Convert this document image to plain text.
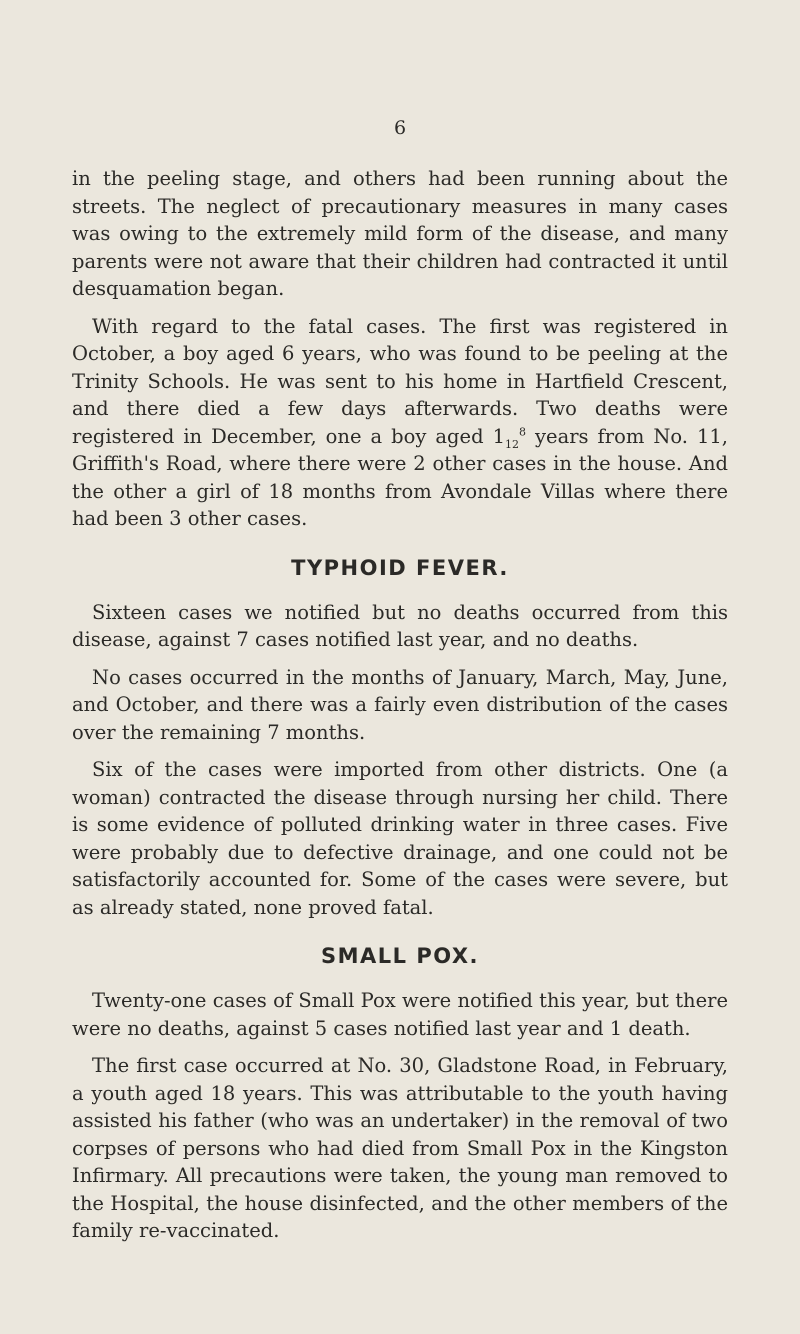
6

in the peeling stage, and others had been running about the streets. The neglect of precautionary measures in many cases was owing to the extremely mild form of the disease, and many parents were not aware that their children had contracted it until desquamation began.

With regard to the fatal cases. The first was registered in October, a boy aged 6 years, who was found to be peeling at the Trinity Schools. He was sent to his home in Hartfield Crescent, and there died a few days afterwards. Two deaths were registered in December, one a boy aged $1_{12}^8$ years from No. 11, Griffith's Road, where there were 2 other cases in the house. And the other a girl of 18 months from Avondale Villas where there had been 3 other cases.

TYPHOID FEVER.

Sixteen cases we notified but no deaths occurred from this disease, against 7 cases notified last year, and no deaths.

No cases occurred in the months of January, March, May, June, and October, and there was a fairly even distribution of the cases over the remaining 7 months.

Six of the cases were imported from other districts. One (a woman) contracted the disease through nursing her child. There is some evidence of polluted drinking water in three cases. Five were probably due to defective drainage, and one could not be satisfactorily accounted for. Some of the cases were severe, but as already stated, none proved fatal.

SMALL POX.

Twenty-one cases of Small Pox were notified this year, but there were no deaths, against 5 cases notified last year and 1 death.

The first case occurred at No. 30, Gladstone Road, in February, a youth aged 18 years. This was attributable to the youth having assisted his father (who was an undertaker) in the removal of two corpses of persons who had died from Small Pox in the Kingston Infirmary. All precautions were taken, the young man removed to the Hospital, the house disinfected, and the other members of the family re-vaccinated.
